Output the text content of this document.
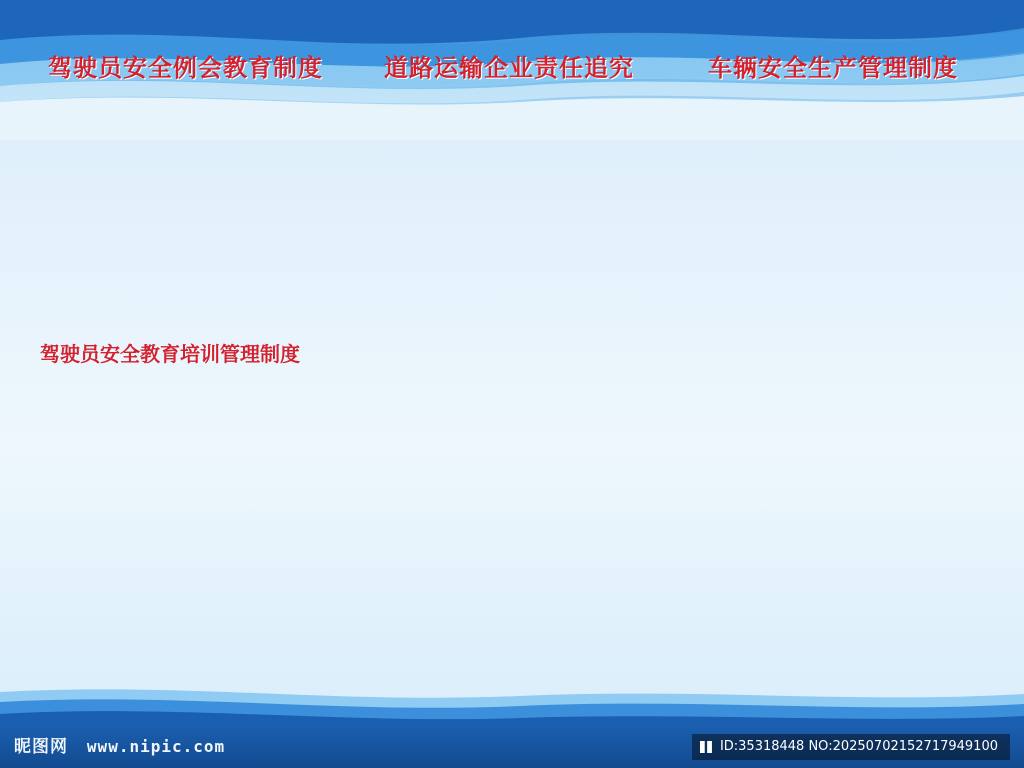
驾驶员安全例会教育制度	道路运输企业责任追究	车辆安全生产管理制度
驾驶员安全教育培训管理制度
昵图网 www.nipic.com	ID:35318448 NO:20250702152717949100
